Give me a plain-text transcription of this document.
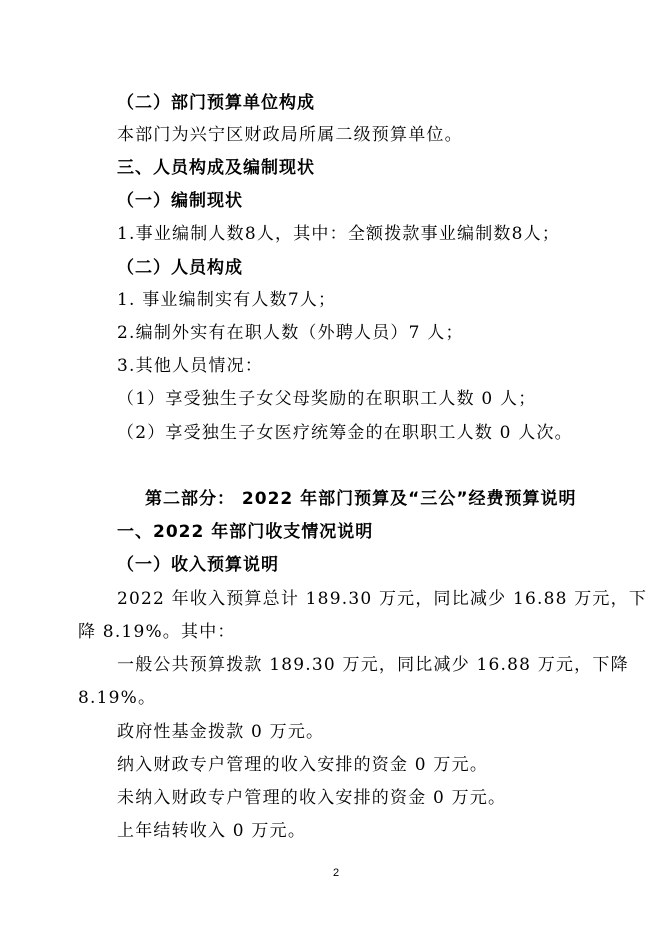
（二）部门预算单位构成
本部门为兴宁区财政局所属二级预算单位。
三、人员构成及编制现状
（一）编制现状
1.事业编制人数8人，其中：全额拨款事业编制数8人；
（二）人员构成
1. 事业编制实有人数7人；
2.编制外实有在职人数（外聘人员）7 人；
3.其他人员情况：
（1）享受独生子女父母奖励的在职职工人数 0 人；
（2）享受独生子女医疗统筹金的在职职工人数 0 人次。
第二部分： 2022 年部门预算及“三公”经费预算说明
一、2022 年部门收支情况说明
（一）收入预算说明
2022 年收入预算总计 189.30 万元，同比减少 16.88 万元，下
降 8.19%。其中：
一般公共预算拨款 189.30 万元，同比减少 16.88 万元，下降
8.19%。
政府性基金拨款 0 万元。
纳入财政专户管理的收入安排的资金 0 万元。
未纳入财政专户管理的收入安排的资金 0 万元。
上年结转收入 0 万元。
2
